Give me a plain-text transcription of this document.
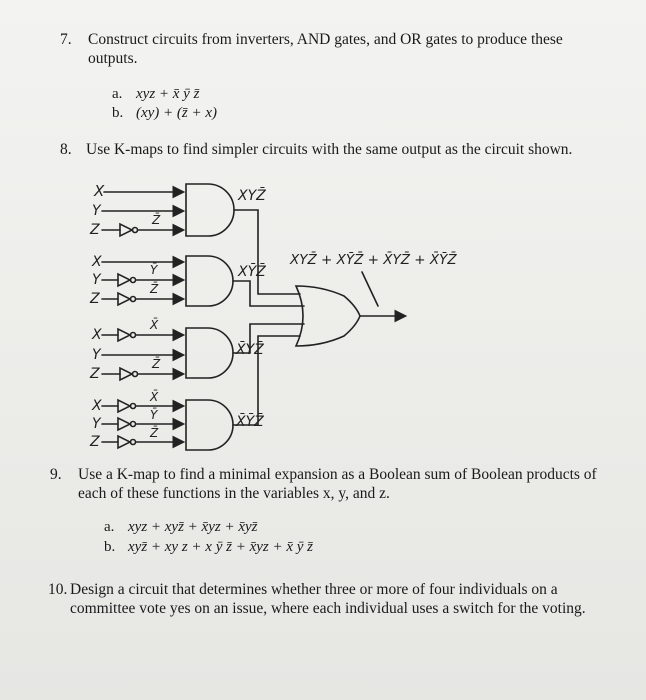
7. Construct circuits from inverters, AND gates, and OR gates to produce these outputs.
a. xyz + x̄ ȳ z̄
b. (xy) + (z̄ + x)
8. Use K-maps to find simpler circuits with the same output as the circuit shown.
X
Y
Z
Z̄
XYZ̄
X
Y
Z
Ȳ
Z̄
XȲZ̄
X
Y
Z
X̄
Z̄
X̄YZ̄
X
Y
Z
X̄
Ȳ
Z̄
X̄ȲZ̄
XYZ̄ + XȲZ̄ + X̄YZ̄ + X̄ȲZ̄
9. Use a K-map to find a minimal expansion as a Boolean sum of Boolean products of each of these functions in the variables x, y, and z.
a. xyz + xyz̄ + x̄yz + x̄yz̄
b. xyz̄ + xy z + x ȳ z̄ + x̄yz + x̄ ȳ z̄
10. Design a circuit that determines whether three or more of four individuals on a committee vote yes on an issue, where each individual uses a switch for the voting.
